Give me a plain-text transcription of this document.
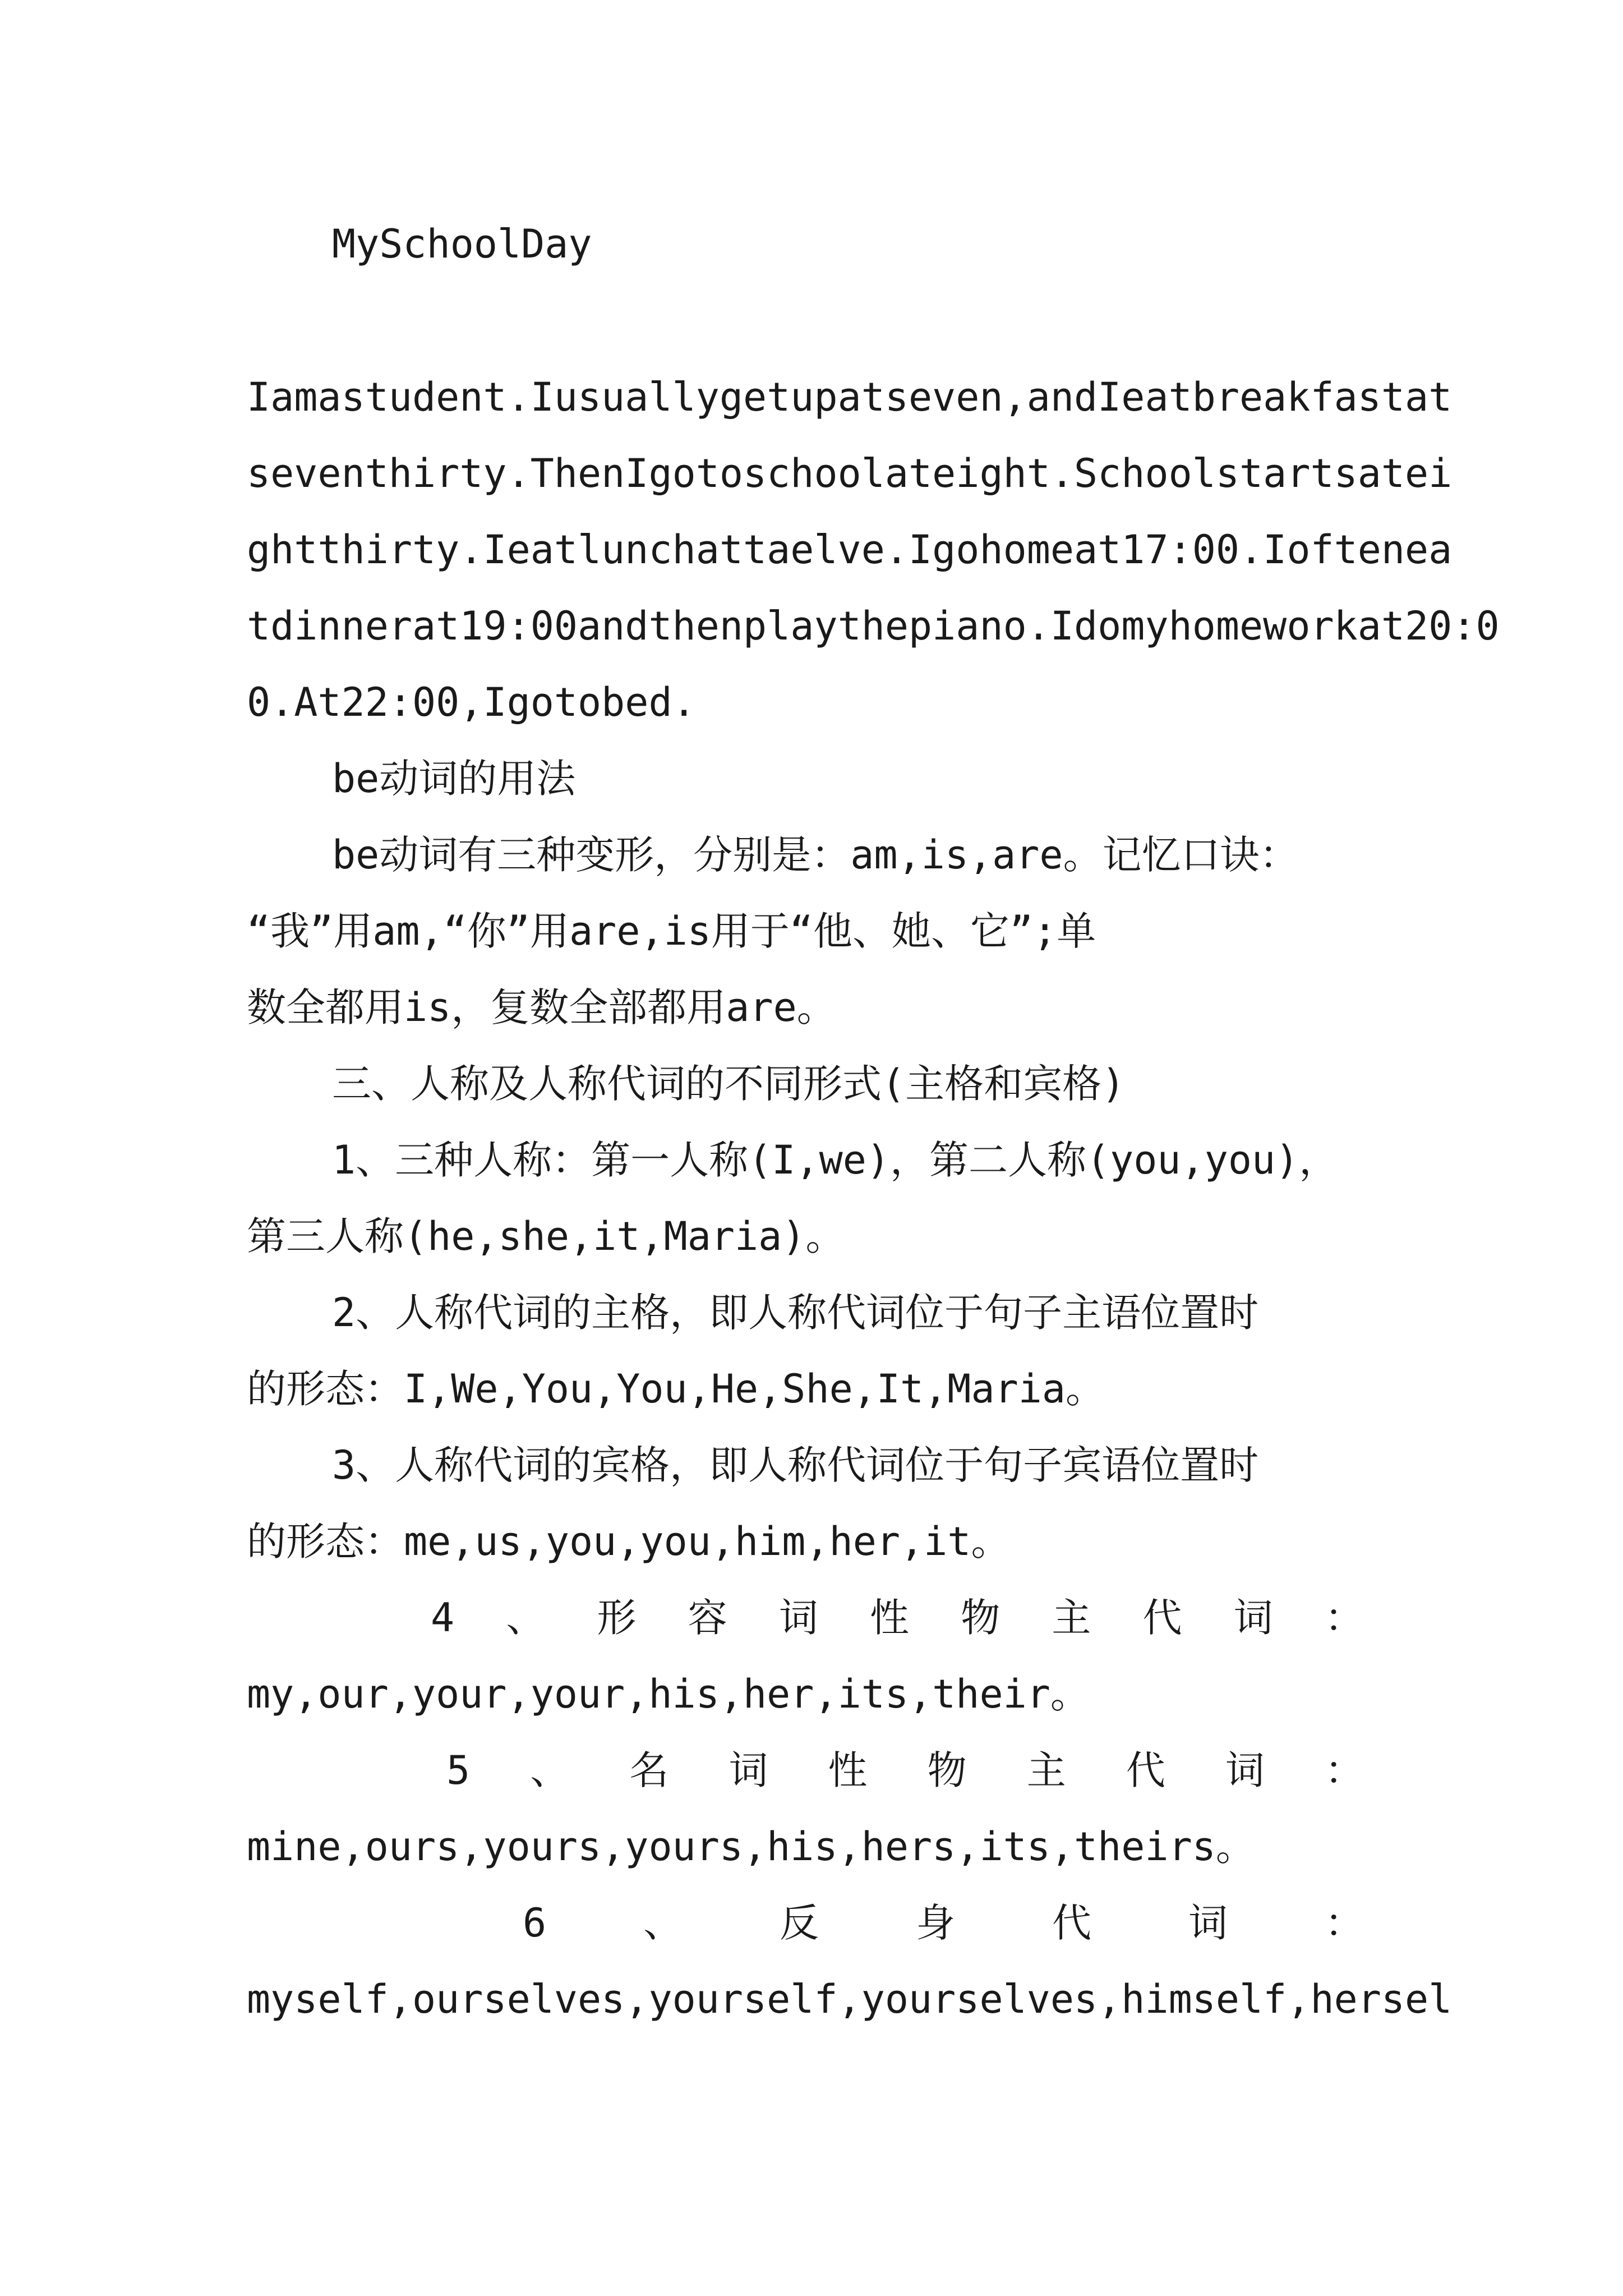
MySchoolDay
Iamastudent.Iusuallygetupatseven,andIeatbreakfastat
seventhirty.ThenIgotoschoolateight.Schoolstartsatei
ghtthirty.Ieatlunchattaelve.Igohomeat17:00.Ioftenea
tdinnerat19:00andthenplaythepiano.Idomyhomeworkat20:0
0.At22:00,Igotobed.
be动词的用法
be动词有三种变形，分别是：am,is,are。记忆口诀：
“我”用am,“你”用are,is用于“他、她、它”;单
数全都用is，复数全部都用are。
三、人称及人称代词的不同形式(主格和宾格)
1、三种人称：第一人称(I,we)，第二人称(you,you)，
第三人称(he,she,it,Maria)。
2、人称代词的主格，即人称代词位于句子主语位置时
的形态：I,We,You,You,He,She,It,Maria。
3、人称代词的宾格，即人称代词位于句子宾语位置时
的形态：me,us,you,you,him,her,it。
4 、 形 容 词 性 物 主 代 词 ：
my,our,your,your,his,her,its,their。
5 、 名 词 性 物 主 代 词 ：
mine,ours,yours,yours,his,hers,its,theirs。
6 、 反 身 代 词 ：
myself,ourselves,yourself,yourselves,himself,hersel
